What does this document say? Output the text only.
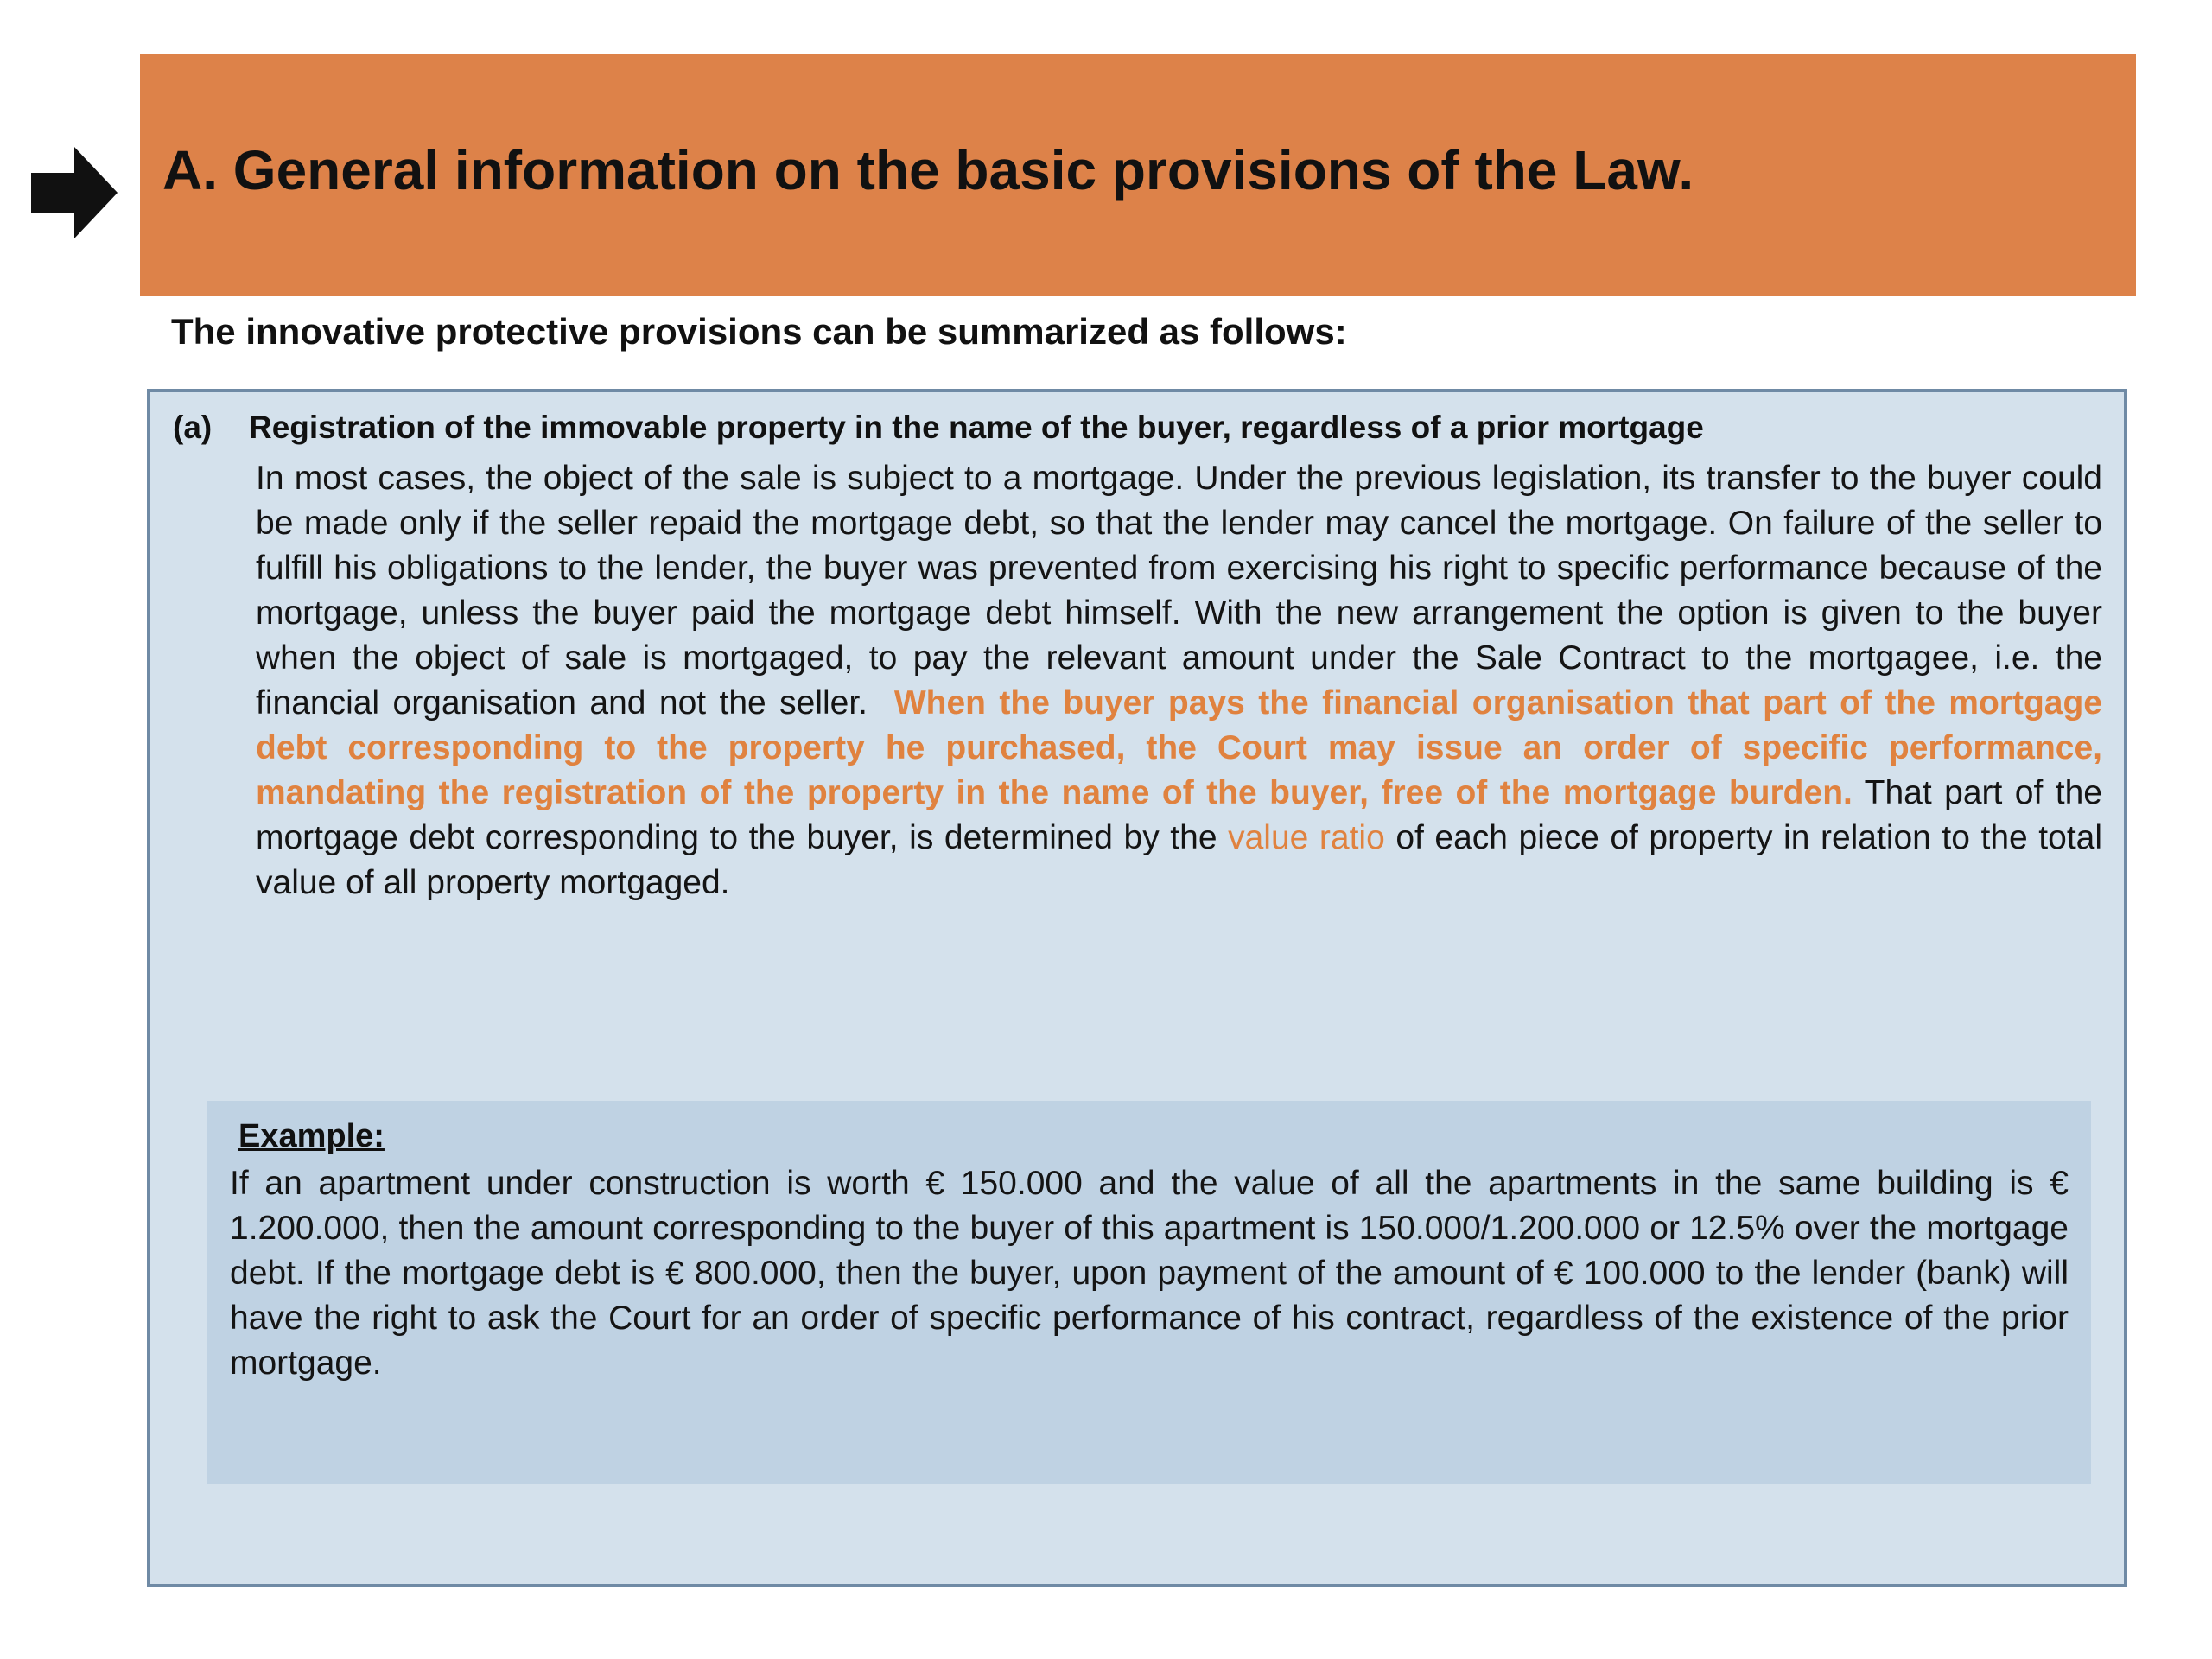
A. General information on the basic provisions of the Law.

The innovative protective provisions can be summarized as follows:

(a) Registration of the immovable property in the name of the buyer, regardless of a prior mortgage

In most cases, the object of the sale is subject to a mortgage. Under the previous legislation, its transfer to the buyer could be made only if the seller repaid the mortgage debt, so that the lender may cancel the mortgage. On failure of the seller to fulfill his obligations to the lender, the buyer was prevented from exercising his right to specific performance because of the mortgage, unless the buyer paid the mortgage debt himself. With the new arrangement the option is given to the buyer when the object of sale is mortgaged, to pay the relevant amount under the Sale Contract to the mortgagee, i.e. the financial organisation and not the seller. When the buyer pays the financial organisation that part of the mortgage debt corresponding to the property he purchased, the Court may issue an order of specific performance, mandating the registration of the property in the name of the buyer, free of the mortgage burden. That part of the mortgage debt corresponding to the buyer, is determined by the value ratio of each piece of property in relation to the total value of all property mortgaged.

Example:

If an apartment under construction is worth € 150.000 and the value of all the apartments in the same building is € 1.200.000, then the amount corresponding to the buyer of this apartment is 150.000/1.200.000 or 12.5% over the mortgage debt. If the mortgage debt is € 800.000, then the buyer, upon payment of the amount of € 100.000 to the lender (bank) will have the right to ask the Court for an order of specific performance of his contract, regardless of the existence of the prior mortgage.
